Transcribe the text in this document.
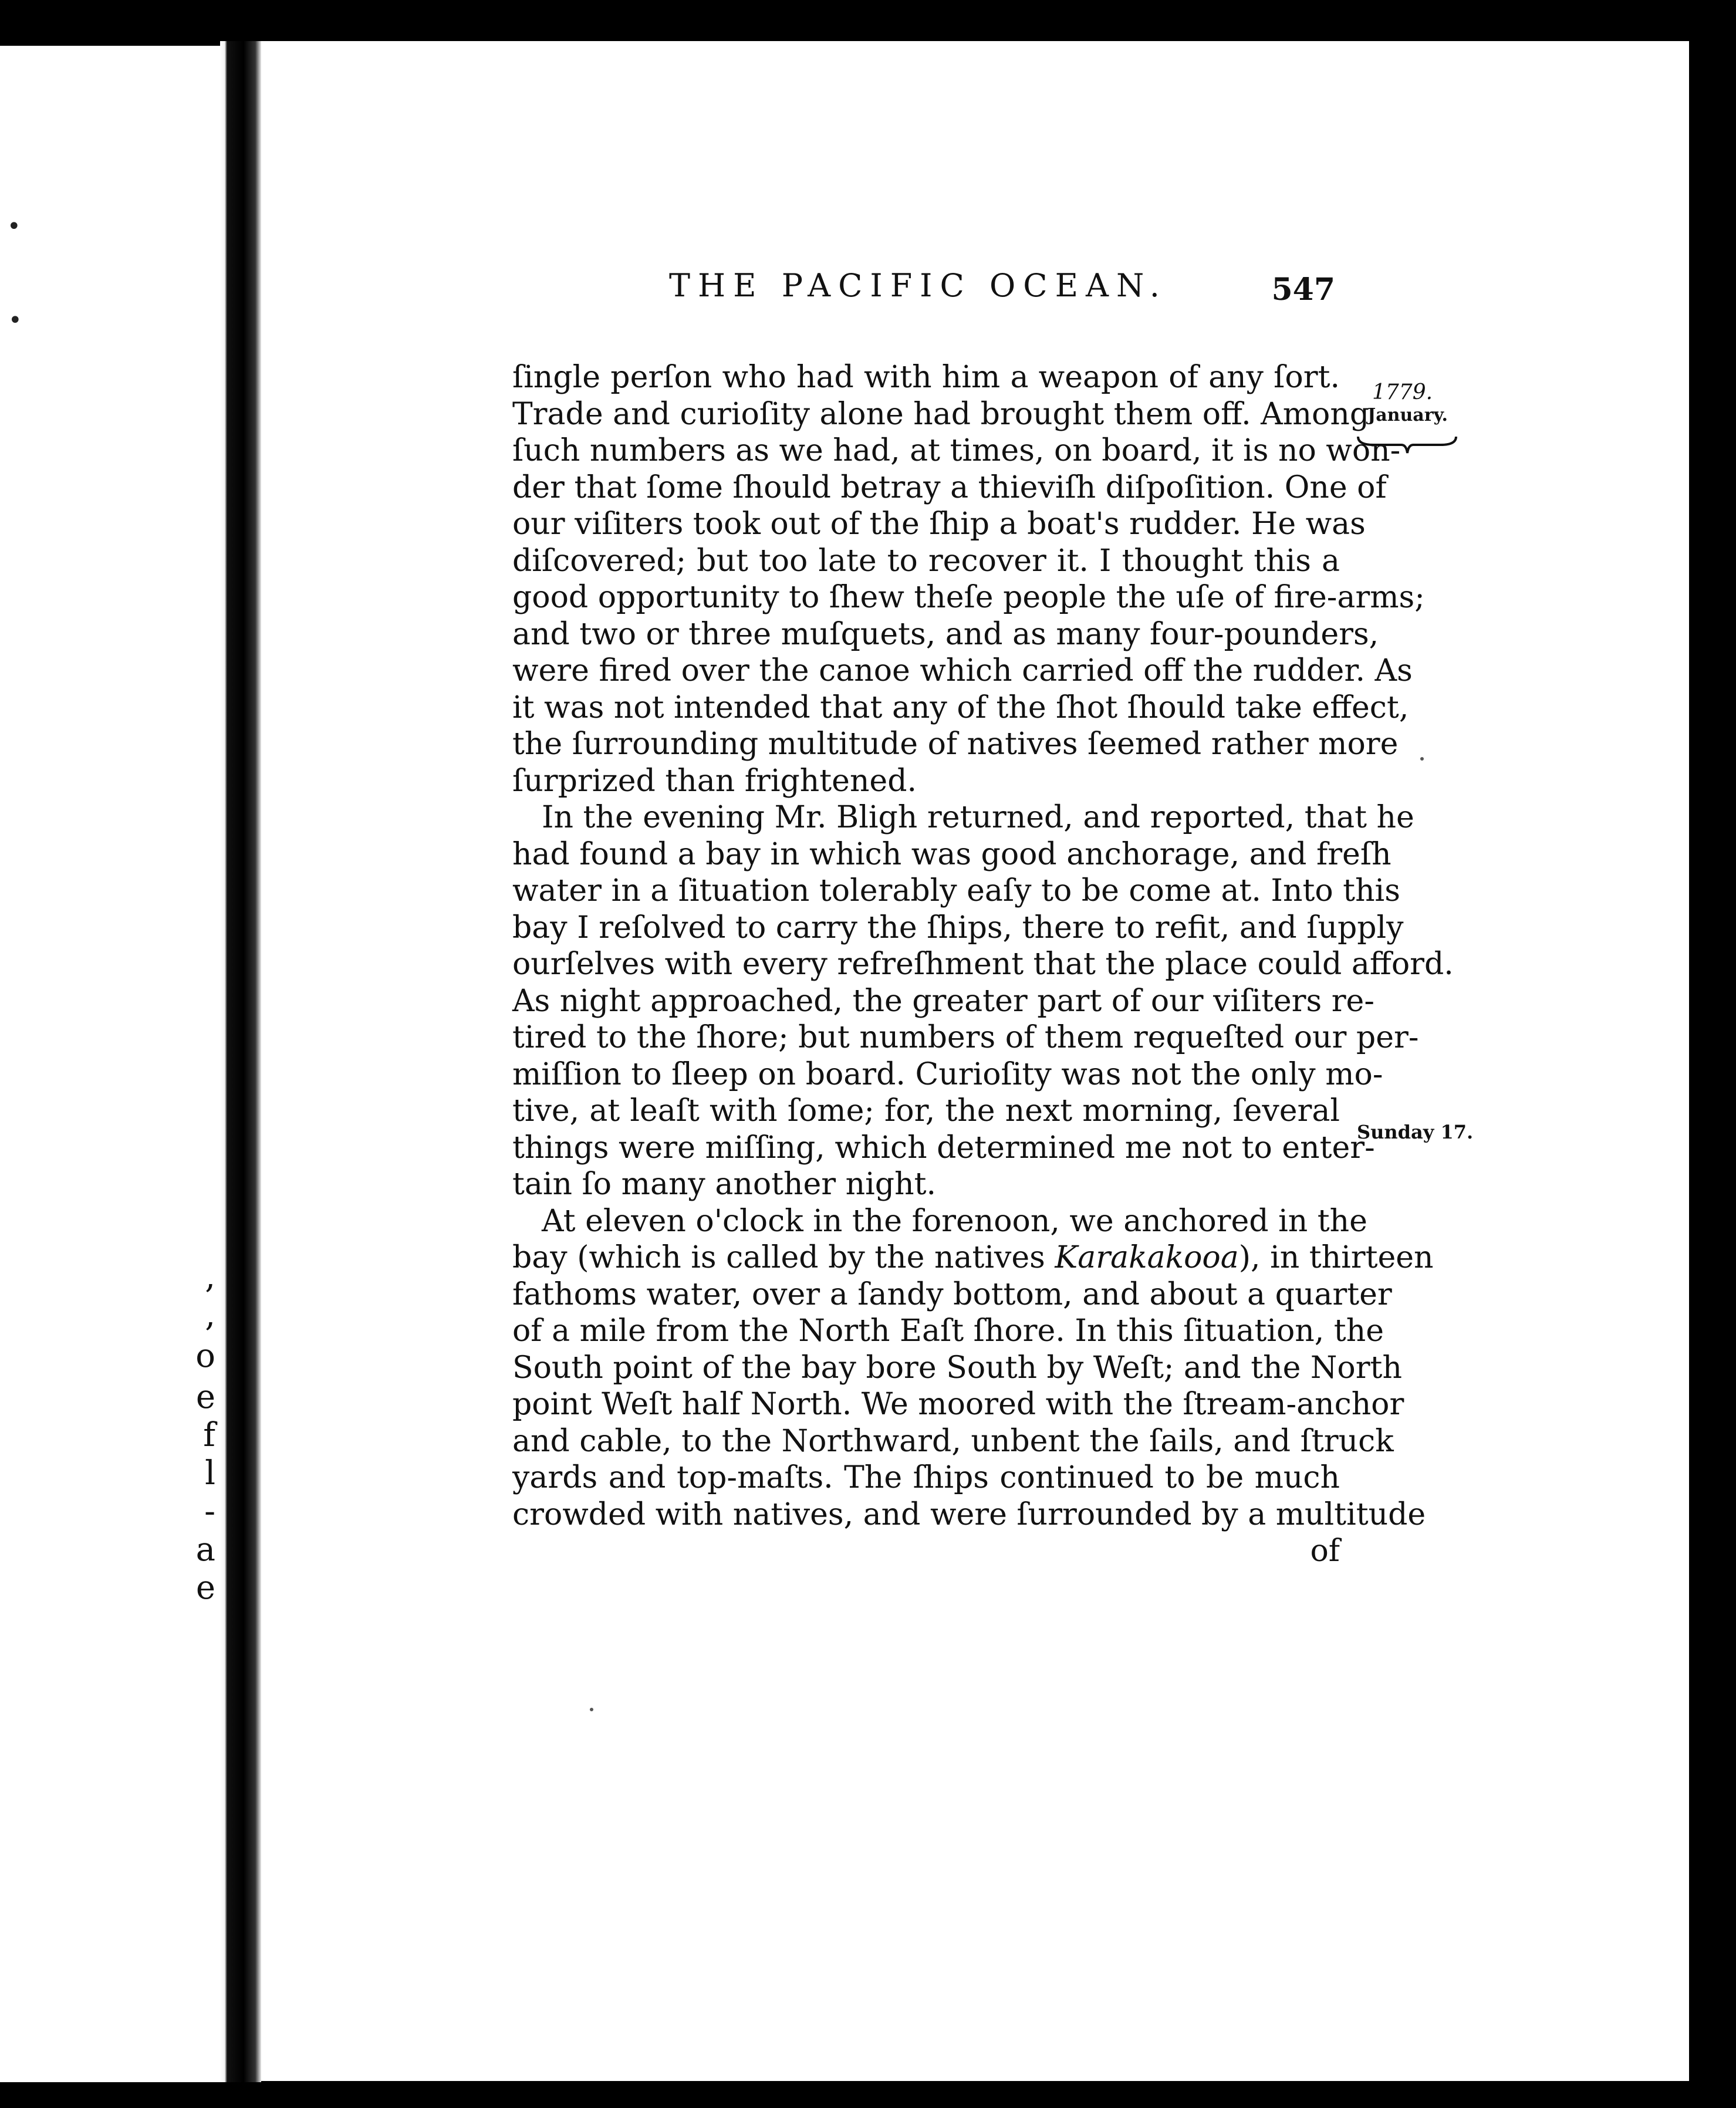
•
•
,
,
o
e
f
l
-
a
e
THE PACIFIC OCEAN.	547
1779.
January.
Sunday 17.
ſingle perſon who had with him a weapon of any ſort.
Trade and curioſity alone had brought them off. Among
ſuch numbers as we had, at times, on board, it is no won-
der that ſome ſhould betray a thieviſh diſpoſition. One of
our viſiters took out of the ſhip a boat's rudder. He was
diſcovered; but too late to recover it. I thought this a
good opportunity to ſhew theſe people the uſe of fire-arms;
and two or three muſquets, and as many four-pounders,
were fired over the canoe which carried off the rudder. As
it was not intended that any of the ſhot ſhould take effect,
the ſurrounding multitude of natives ſeemed rather more
ſurprized than frightened.
In the evening Mr. Bligh returned, and reported, that he
had found a bay in which was good anchorage, and freſh
water in a ſituation tolerably eaſy to be come at. Into this
bay I reſolved to carry the ſhips, there to refit, and ſupply
ourſelves with every refreſhment that the place could afford.
As night approached, the greater part of our viſiters re-
tired to the ſhore; but numbers of them requeſted our per-
miſſion to ſleep on board. Curioſity was not the only mo-
tive, at leaſt with ſome; for, the next morning, ſeveral
things were miſſing, which determined me not to enter-
tain ſo many another night.
At eleven o'clock in the forenoon, we anchored in the
bay (which is called by the natives Karakakooa), in thirteen
fathoms water, over a ſandy bottom, and about a quarter
of a mile from the North Eaſt ſhore. In this ſituation, the
South point of the bay bore South by Weſt; and the North
point Weſt half North. We moored with the ſtream-anchor
and cable, to the Northward, unbent the ſails, and ſtruck
yards and top-maſts. The ſhips continued to be much
crowded with natives, and were ſurrounded by a multitude
of
